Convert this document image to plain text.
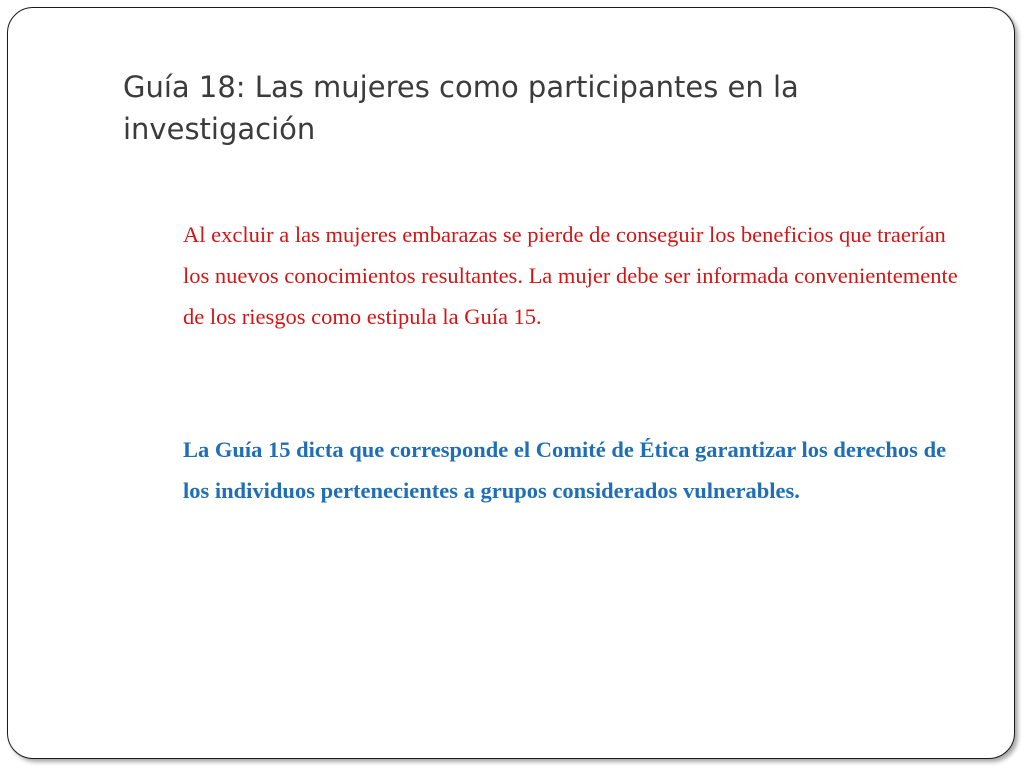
Guía 18: Las mujeres como participantes en la investigación

Al excluir a las mujeres embarazas se pierde de conseguir los beneficios que traerían los nuevos conocimientos resultantes. La mujer debe ser informada convenientemente de los riesgos como estipula la Guía 15.

La Guía 15 dicta que corresponde el Comité de Ética garantizar los derechos de los individuos pertenecientes a grupos considerados vulnerables.
